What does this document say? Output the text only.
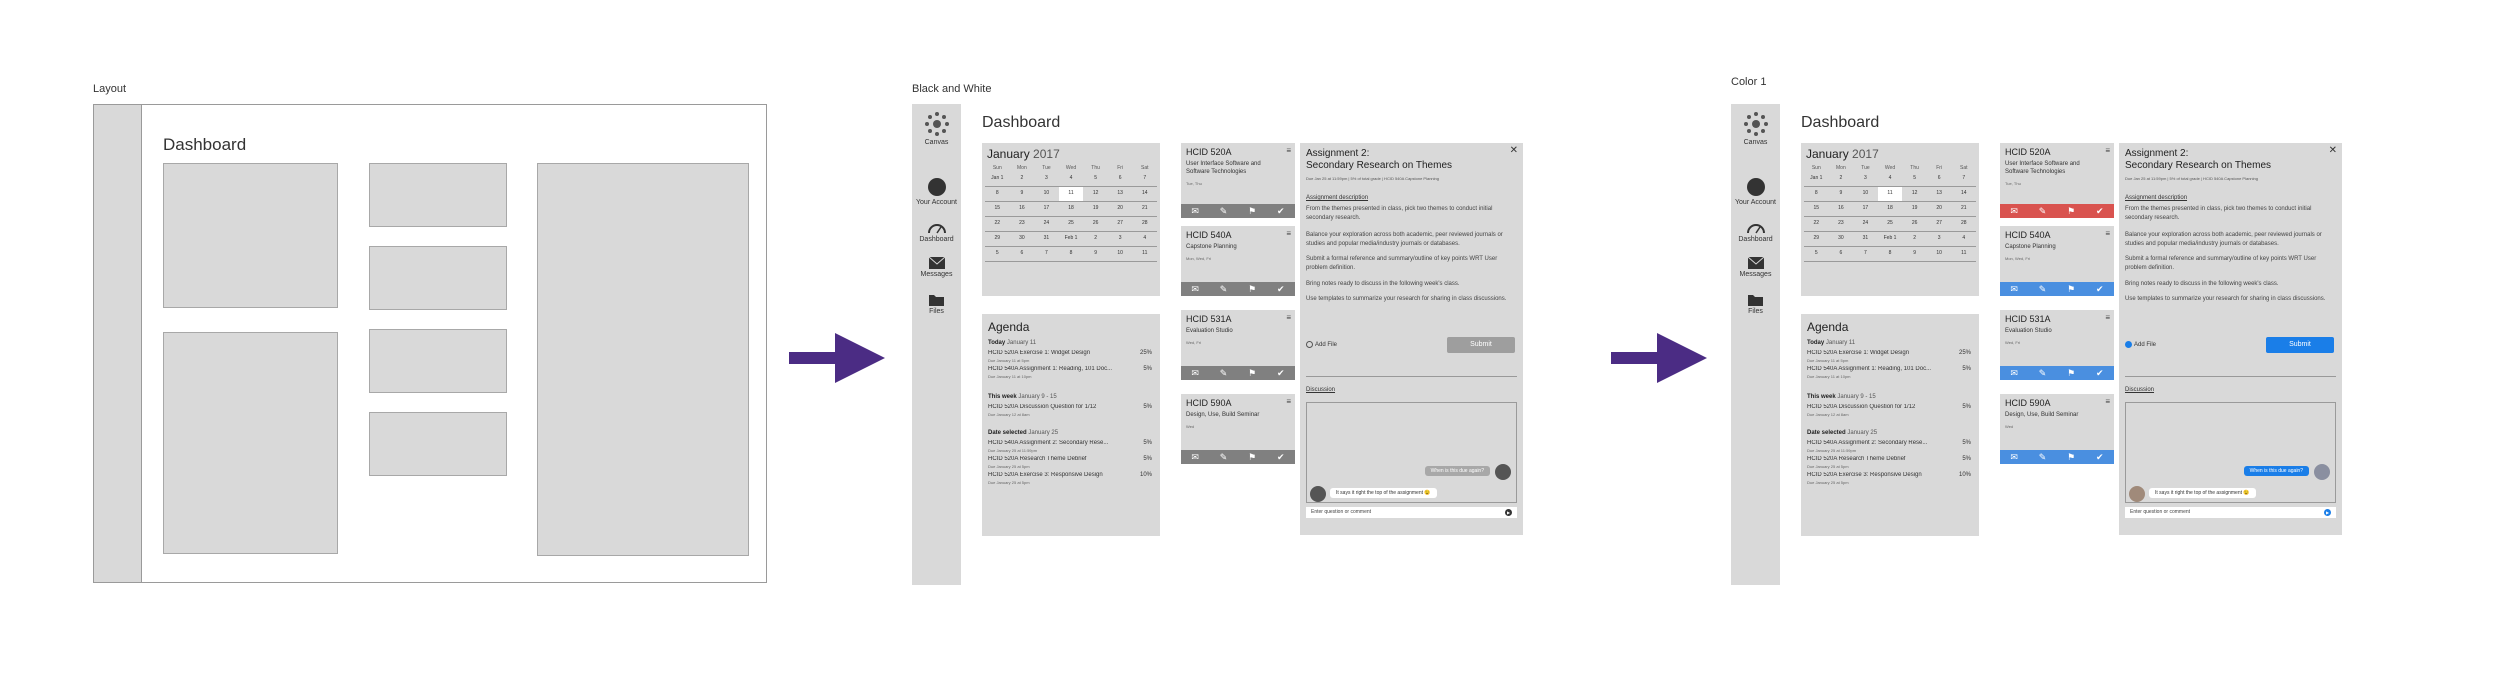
Layout
Dashboard
Black and White
Canvas
Your Account
Dashboard
Messages
Files
Dashboard
January 2017
Sun	Mon	Tue	Wed	Thu	Fri	Sat
Jan 1	2	3	4	5	6	7
8	9	10	11	12	13	14
15	16	17	18	19	20	21
22	23	24	25	26	27	28
29	30	31	Feb 1	2	3	4
5	6	7	8	9	10	11
Agenda
Today January 11
HCID 520A Exercise 1: Widget Design	25%
Due January 11 at 5pm
HCID 540A Assignment 1: Reading, 101 Doc...	5%
Due January 11 at 10pm
This week January 9 - 15
HCID 520A Discussion Question for 1/12	5%
Due January 12 at 8am
Date selected January 25
HCID 540A Assignment 2: Secondary Rese...	5%
Due January 25 at 11:59pm
HCID 520A Research Theme Debrief	5%
Due January 25 at 5pm
HCID 520A Exercise 3: Responsive Design	10%
Due January 25 at 5pm
HCID 520A
User Interface Software and Software Technologies
Tue, Thu
≡
✉ ✎ ⚑ ✔
HCID 540A
Capstone Planning
Mon, Wed, Fri
≡
✉ ✎ ⚑ ✔
HCID 531A
Evaluation Studio
Wed, Fri
≡
✉ ✎ ⚑ ✔
HCID 590A
Design, Use, Build Seminar
Wed
≡
✉ ✎ ⚑ ✔
Assignment 2:
Secondary Research on Themes
✕
Due Jan 25 at 11:59pm | 5% of total grade | HCID 540A Capstone Planning
Assignment description
From the themes presented in class, pick two themes to conduct initial secondary research.
Balance your exploration across both academic, peer reviewed journals or studies and popular media/industry journals or databases.
Submit a formal reference and summary/outline of key points WRT User problem definition.
Bring notes ready to discuss in the following week's class.
Use templates to summarize your research for sharing in class discussions.
Add File	Submit
Discussion
When is this due again?
It says it right the top of the assignment 😉
Enter question or comment	▶
Color 1
Canvas
Your Account
Dashboard
Messages
Files
Dashboard
January 2017
Sun	Mon	Tue	Wed	Thu	Fri	Sat
Jan 1	2	3	4	5	6	7
8	9	10	11	12	13	14
15	16	17	18	19	20	21
22	23	24	25	26	27	28
29	30	31	Feb 1	2	3	4
5	6	7	8	9	10	11
Agenda
Today January 11
HCID 520A Exercise 1: Widget Design	25%
Due January 11 at 5pm
HCID 540A Assignment 1: Reading, 101 Doc...	5%
Due January 11 at 10pm
This week January 9 - 15
HCID 520A Discussion Question for 1/12	5%
Due January 12 at 8am
Date selected January 25
HCID 540A Assignment 2: Secondary Rese...	5%
Due January 25 at 11:59pm
HCID 520A Research Theme Debrief	5%
Due January 25 at 5pm
HCID 520A Exercise 3: Responsive Design	10%
Due January 25 at 5pm
HCID 520A
User Interface Software and Software Technologies
Tue, Thu
≡
✉ ✎ ⚑ ✔
HCID 540A
Capstone Planning
Mon, Wed, Fri
≡
✉ ✎ ⚑ ✔
HCID 531A
Evaluation Studio
Wed, Fri
≡
✉ ✎ ⚑ ✔
HCID 590A
Design, Use, Build Seminar
Wed
≡
✉ ✎ ⚑ ✔
Assignment 2:
Secondary Research on Themes
✕
Due Jan 25 at 11:59pm | 5% of total grade | HCID 540A Capstone Planning
Assignment description
From the themes presented in class, pick two themes to conduct initial secondary research.
Balance your exploration across both academic, peer reviewed journals or studies and popular media/industry journals or databases.
Submit a formal reference and summary/outline of key points WRT User problem definition.
Bring notes ready to discuss in the following week's class.
Use templates to summarize your research for sharing in class discussions.
Add File	Submit
Discussion
When is this due again?
It says it right the top of the assignment 😉
Enter question or comment	▶
